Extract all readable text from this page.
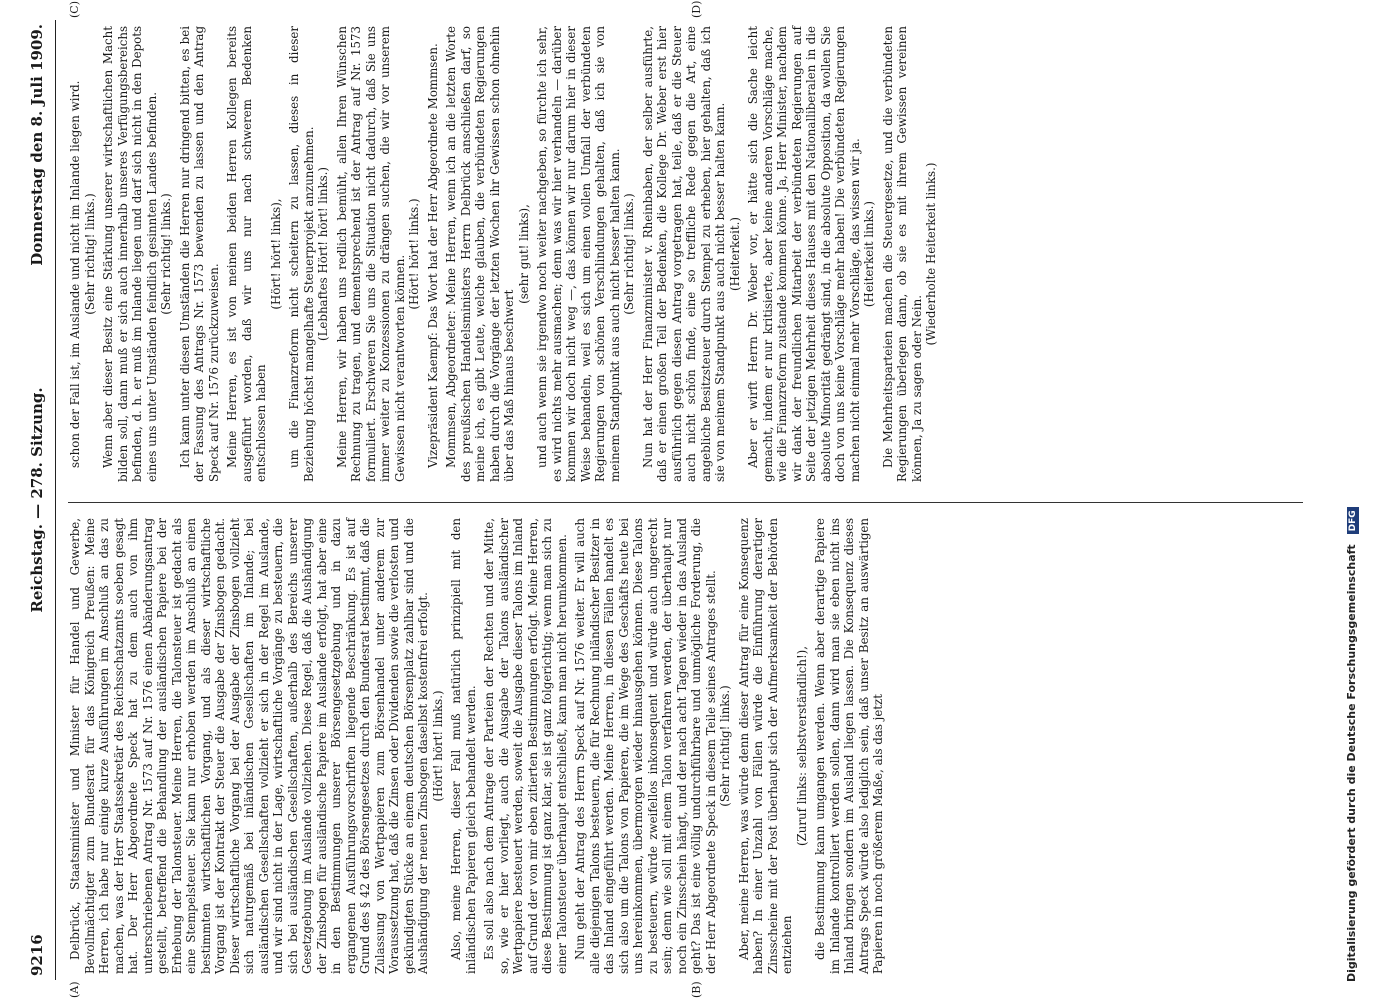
9216
Reichstag. — 278. Sitzung.
Donnerstag den 8. Juli 1909.
(A)	(B)
(C)	(D)

Delbrück, Staatsminister und Minister für Handel und Gewerbe, Bevollmächtigter zum Bundesrat für das Königreich Preußen: Meine Herren, ich habe nur einige kurze Ausführungen im Anschluß an das zu machen, was der Herr Staatssekretär des Reichsschatzamts soeben gesagt hat. Der Herr Abgeordnete Speck hat zu dem auch von ihm unterschriebenen Antrag Nr. 1573 auf Nr. 1576 einen Abänderungsantrag gestellt, betreffend die Behandlung der ausländischen Papiere bei der Erhebung der Talonsteuer. Meine Herren, die Talonsteuer ist gedacht als eine Stempelsteuer. Sie kann nur erhoben werden im Anschluß an einen bestimmten wirtschaftlichen Vorgang, und als dieser wirtschaftliche Vorgang ist der Kontrakt der Steuer die Ausgabe der Zinsbogen gedacht. Dieser wirtschaftliche Vorgang bei der Ausgabe der Zinsbogen vollzieht sich naturgemäß bei inländischen Gesellschaften im Inlande; bei ausländischen Gesellschaften vollzieht er sich in der Regel im Auslande, und wir sind nicht in der Lage, wirtschaftliche Vorgänge zu besteuern, die sich bei ausländischen Gesellschaften, außerhalb des Bereichs unserer Gesetzgebung im Auslande vollziehen. Diese Regel, daß die Aushändigung der Zinsbogen für ausländische Papiere im Auslande erfolgt, hat aber eine in den Bestimmungen unserer Börsengesetzgebung und in dazu ergangenen Ausführungsvorschriften liegende Beschränkung. Es ist auf Grund des § 42 des Börsengesetzes durch den Bundesrat bestimmt, daß die Zulassung von Wertpapieren zum Börsenhandel unter anderem zur Voraussetzung hat, daß die Zinsen oder Dividenden sowie die verlosten und gekündigten Stücke an einem deutschen Börsenplatz zahlbar sind und die Aushändigung der neuen Zinsbogen daselbst kostenfrei erfolgt. (Hört! hört! links.) Also, meine Herren, dieser Fall muß natürlich prinzipiell mit den inländischen Papieren gleich behandelt werden. Es soll also nach dem Antrage der Parteien der Rechten und der Mitte, so, wie er hier vorliegt, auch die Ausgabe der Talons ausländischer Wertpapiere besteuert werden, soweit die Ausgabe dieser Talons im Inland auf Grund der von mir eben zitierten Bestimmungen erfolgt. Meine Herren, diese Bestimmung ist ganz klar, sie ist ganz folgerichtig; wenn man sich zu einer Talonsteuer überhaupt entschließt, kann man nicht herumkommen. Nun geht der Antrag des Herrn Speck auf Nr. 1576 weiter. Er will auch alle diejenigen Talons besteuern, die für Rechnung inländischer Besitzer in das Inland eingeführt werden. Meine Herren, in diesen Fällen handelt es sich also um die Talons von Papieren, die im Wege des Geschäfts heute bei uns hereinkommen, übermorgen wieder hinausgehen können. Diese Talons zu besteuern, würde zweifellos inkonsequent und würde auch ungerecht sein; denn wie soll mit einem Talon verfahren werden, der überhaupt nur noch ein Zinsschein hängt, und der nach acht Tagen wieder in das Ausland geht? Das ist eine völlig undurchführbare und unmögliche Forderung, die der Herr Abgeordnete Speck in diesem Teile seines Antrages stellt. (Sehr richtig! links.) Aber, meine Herren, was würde denn dieser Antrag für eine Konsequenz haben? In einer Unzahl von Fällen würde die Einführung derartiger Zinsscheine mit der Post überhaupt sich der Aufmerksamkeit der Behörden entziehen

(Zuruf links: selbstverständlich!), die Bestimmung kann umgangen werden. Wenn aber derartige Papiere im Inlande kontrolliert werden sollen, dann wird man sie eben nicht ins Inland bringen sondern im Ausland liegen lassen. Die Konsequenz dieses Antrags Speck würde also lediglich sein, daß unser Besitz an auswärtigen Papieren in noch größerem Maße, als das jetzt

schon der Fall ist, im Auslande und nicht im Inlande liegen wird. (Sehr richtig! links.) Wenn aber dieser Besitz eine Stärkung unserer wirtschaftlichen Macht bilden soll, dann muß er sich auch innerhalb unseres Verfügungsbereichs befinden, d. h. er muß im Inlande liegen und darf sich nicht in den Depots eines uns unter Umständen feindlich gesinnten Landes befinden. (Sehr richtig! links.) Ich kann unter diesen Umständen die Herren nur dringend bitten, es bei der Fassung des Antrags Nr. 1573 bewenden zu lassen und den Antrag Speck auf Nr. 1576 zurückzuweisen. Meine Herren, es ist von meinen beiden Herren Kollegen bereits ausgeführt worden, daß wir uns nur nach schwerem Bedenken entschlossen haben

(Hört! hört! links), um die Finanzreform nicht scheitern zu lassen, dieses in dieser Beziehung höchst mangelhafte Steuerprojekt anzunehmen. (Lebhaftes Hört! hört! links.) Meine Herren, wir haben uns redlich bemüht, allen Ihren Wünschen Rechnung zu tragen, und dementsprechend ist der Antrag auf Nr. 1573 formuliert. Erschweren Sie uns die Situation nicht dadurch, daß Sie uns immer weiter zu Konzessionen zu drängen suchen, die wir vor unserem Gewissen nicht verantworten können.

(Hört! hört! links.) Vizepräsident Kaempf: Das Wort hat der Herr Abgeordnete Mommsen. Mommsen, Abgeordneter: Meine Herren, wenn ich an die letzten Worte des preußischen Handelsministers Herrn Delbrück anschließen darf, so meine ich, es gibt Leute, welche glauben, die verbündeten Regierungen haben durch die Vorgänge der letzten Wochen ihr Gewissen schon ohnehin über das Maß hinaus beschwert

(sehr gut! links), und auch wenn sie irgendwo noch weiter nachgeben, so fürchte ich sehr, es wird nichts mehr ausmachen; denn was wir hier verhandeln — darüber kommen wir doch nicht weg —, das können wir nur darum hier in dieser Weise behandeln, weil es sich um einen vollen Umfall der verbündeten Regierungen von schönen Verschlindungen gehalten, daß ich sie von meinem Standpunkt aus auch nicht besser halten kann. (Sehr richtig! links.) Nun hat der Herr Finanzminister v. Rheinbaben, der selber ausführte, daß er einen großen Teil der Bedenken, die Kollege Dr. Weber erst hier ausführlich gegen diesen Antrag vorgetragen hat, teile, daß er die Steuer auch nicht schön finde, eine so treffliche Rede gegen die Art, eine angebliche Besitzsteuer durch Stempel zu erheben, hier gehalten, daß ich sie von meinem Standpunkt aus auch nicht besser halten kann. (Heiterkeit.) Aber er wirft Herrn Dr. Weber vor, er hätte sich die Sache leicht gemacht, indem er nur kritisierte, aber keine anderen Vorschläge mache, wie die Finanzreform zustande kommen könne. Ja, Herr Minister, nachdem wir dank der freundlichen Mitarbeit der verbündeten Regierungen auf Seite der jetzigen Mehrheit dieses Hauses mit den Nationalliberalen in die absolute Minorität gedrängt sind, in die absolute Opposition, da wollen Sie doch von uns keine Vorschläge mehr haben! Die verbündeten Regierungen machen nicht einmal mehr Vorschläge, das wissen wir ja. (Heiterkeit links.) Die Mehrheitsparteien machen die Steuergesetze, und die verbündeten Regierungen überlegen dann, ob sie es mit ihrem Gewissen vereinen können, Ja zu sagen oder Nein.

(Wiederholte Heiterkeit links.)

Digitalisierung gefördert durch die Deutsche ForschungsgemeinschaftDFG
